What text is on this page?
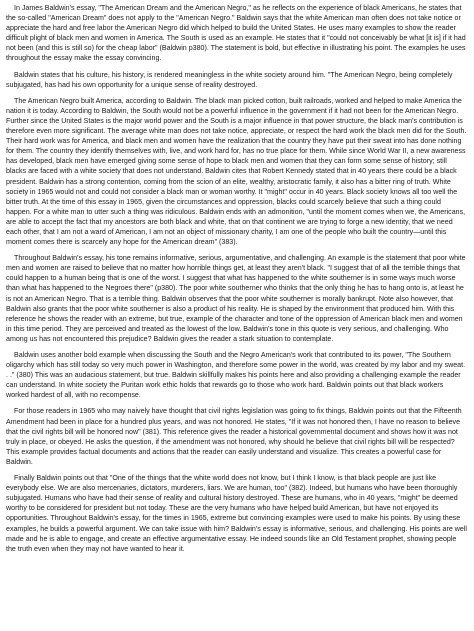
In James Baldwin's essay, "The American Dream and the American Negro," as he reflects on the experience of black Americans, he states that the so-called "American Dream" does not apply to the "American Negro." Baldwin says that the white American man often does not take notice or appreciate the hard and free labor the American Negro did which helped to build the United States. He uses many examples to show the reader difficult plight of black men and women in America. The South is used as an example. He states that it "could not conceivably be what [it is] if it had not been (and this is still so) for the cheap labor" (Baldwin p380). The statement is bold, but effective in illustrating his point. The examples he uses throughout the essay make the essay convincing.

Baldwin states that his culture, his history, is rendered meaningless in the white society around him. "The American Negro, being completely subjugated, has had his own opportunity for a unique sense of reality destroyed.

The American Negro built America, according to Baldwin. The black man picked cotton, built railroads, worked and helped to make America the nation it is today. According to Baldwin, the South would not be a powerful influence in the government if it had not been for the American Negro. Further since the United States is the major world power and the South is a major influence in that power structure, the black man's contribution is therefore even more significant. The average white man does not take notice, appreciate, or respect the hard work the black men did for the South. Their hard work was for America, and black men and women have the realization that the country they have put their sweat into has done nothing for them. The country they identify themselves with, live, and work hard for, has no true place for them. While since World War II, a new awareness has developed, black men have emerged giving some sense of hope to black men and women that they can form some sense of history; still blacks are faced with a white society that does not understand. Baldwin cites that Robert Kennedy stated that in 40 years there could be a black president. Baldwin has a strong contention, coming from the scion of an elite, wealthy, aristocratic family, it also has a bitter ring of truth. White society in 1965 would not and could not consider a black man or woman worthy. It "might" occur in 40 years. Black society knows all too well the bitter truth. At the time of this essay in 1965, given the circumstances and oppression, blacks could scarcely believe that such a thing could happen. For a white man to utter such a thing was ridiculous. Baldwin ends with an admonition, "until the moment comes when we, the Americans, are able to accept the fact that my ancestors are both black and white, that on that continent we are trying to forge a new identity, that we need each other, that I am not a ward of American, I am not an object of missionary charity, I am one of the people who built the country—until this moment comes there is scarcely any hope for the American dream" (383).

Throughout Baldwin's essay, his tone remains informative, serious, argumentative, and challenging. An example is the statement that poor white men and women are raised to believe that no matter how horrible things get, at least they aren't black. "I suggest that of all the terrible things that could happen to a human being that is one of the worst. I suggest that what has happened to the white southerner is in some ways much worse than what has happened to the Negroes there" (p380). The poor white southerner who thinks that the only thing he has to hang onto is, at least he is not an American Negro. That is a terrible thing. Baldwin observes that the poor white southerner is morally bankrupt. Note also however, that Baldwin also grants that the poor white southerner is also a product of his reality. He is shaped by the environment that produced him. With this reference he shows the reader with an extreme, but true, example of the character and tone of the oppression of American black men and women in this time period. They are perceived and treated as the lowest of the low. Baldwin's tone in this quote is very serious, and challenging. Who among us has not encountered this prejudice? Baldwin gives the reader a stark situation to contemplate.

Baldwin uses another bold example when discussing the South and the Negro American's work that contributed to its power, "The Southern oligarchy which has still today so very much power in Washington, and therefore some power in the world, was created by my labor and my sweat. . ." (380) This was an audacious statement, but true. Baldwin skillfully makes his points here and also providing a challenging example the reader can understand. In white society the Puritan work ethic holds that rewards go to those who work hard. Baldwin points out that black workers worked hardest of all, with no recompense.

For those readers in 1965 who may naively have thought that civil rights legislation was going to fix things, Baldwin points out that the Fifteenth Amendment had been in place for a hundred plus years, and was not honored. He states, "If it was not honored then, I have no reason to believe that the civil rights bill will be honored now" (381). This reference gives the reader a historical governmental document and shows how it was not truly in place, or obeyed. He asks the question, if the amendment was not honored, why should he believe that civil rights bill will be respected? This example provides factual documents and actions that the reader can easily understand and visualize. This creates a powerful case for Baldwin.

Finally Baldwin points out that "One of the things that the white world does not know, but I think I know, is that black people are just like everybody else. We are also mercenaries, dictators, murderers, liars. We are human, too" (382). Indeed, but humans who have been thoroughly subjugated. Humans who have had their sense of reality and cultural history destroyed. These are humans, who in 40 years, "might" be deemed worthy to be considered for president but not today. These are the very humans who have helped build American, but have not enjoyed its opportunities. Throughout Baldwin's essay, for the times in 1965, extreme but convincing examples were used to make his points. By using these examples, he builds a powerful argument. We can take issue with him? Baldwin's essay is informative, serious, and challenging. His points are well made and he is able to engage, and create an effective argumentative essay. He indeed sounds like an Old Testament prophet, showing people the truth even when they may not have wanted to hear it.
